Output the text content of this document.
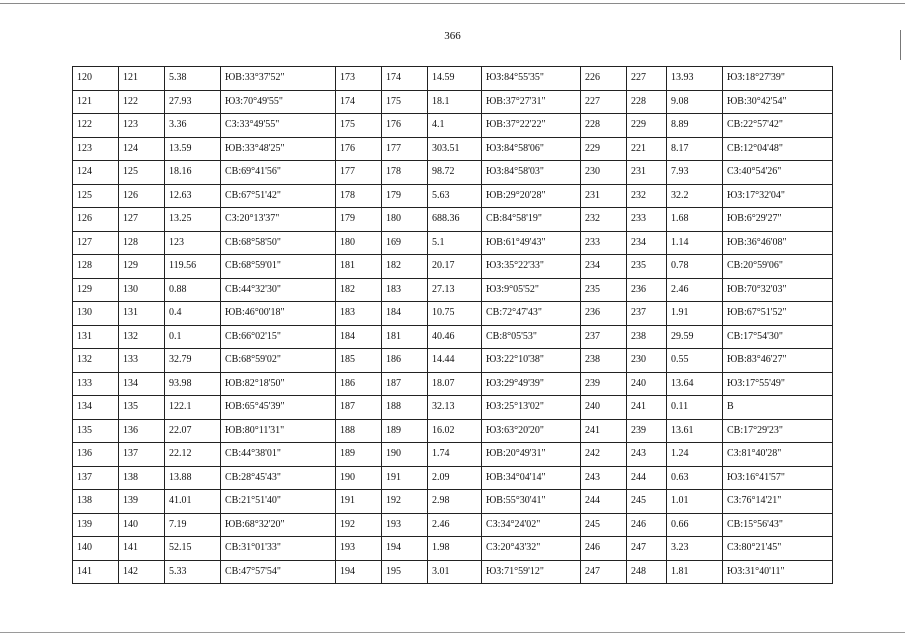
366
120	121	5.38	ЮВ:33°37'52"	173	174	14.59	ЮЗ:84°55'35"	226	227	13.93	ЮЗ:18°27'39"
121	122	27.93	ЮЗ:70°49'55"	174	175	18.1	ЮВ:37°27'31"	227	228	9.08	ЮВ:30°42'54"
122	123	3.36	СЗ:33°49'55"	175	176	4.1	ЮВ:37°22'22"	228	229	8.89	СВ:22°57'42"
123	124	13.59	ЮВ:33°48'25"	176	177	303.51	ЮЗ:84°58'06"	229	221	8.17	СВ:12°04'48"
124	125	18.16	СВ:69°41'56"	177	178	98.72	ЮЗ:84°58'03"	230	231	7.93	СЗ:40°54'26"
125	126	12.63	СВ:67°51'42"	178	179	5.63	ЮВ:29°20'28"	231	232	32.2	ЮЗ:17°32'04"
126	127	13.25	СЗ:20°13'37"	179	180	688.36	СВ:84°58'19"	232	233	1.68	ЮВ:6°29'27"
127	128	123	СВ:68°58'50"	180	169	5.1	ЮВ:61°49'43"	233	234	1.14	ЮВ:36°46'08"
128	129	119.56	СВ:68°59'01"	181	182	20.17	ЮЗ:35°22'33"	234	235	0.78	СВ:20°59'06"
129	130	0.88	СВ:44°32'30"	182	183	27.13	ЮЗ:9°05'52"	235	236	2.46	ЮВ:70°32'03"
130	131	0.4	ЮВ:46°00'18"	183	184	10.75	СВ:72°47'43"	236	237	1.91	ЮВ:67°51'52"
131	132	0.1	СВ:66°02'15"	184	181	40.46	СВ:8°05'53"	237	238	29.59	СВ:17°54'30"
132	133	32.79	СВ:68°59'02"	185	186	14.44	ЮЗ:22°10'38"	238	230	0.55	ЮВ:83°46'27"
133	134	93.98	ЮВ:82°18'50"	186	187	18.07	ЮЗ:29°49'39"	239	240	13.64	ЮЗ:17°55'49"
134	135	122.1	ЮВ:65°45'39"	187	188	32.13	ЮЗ:25°13'02"	240	241	0.11	В
135	136	22.07	ЮВ:80°11'31"	188	189	16.02	ЮЗ:63°20'20"	241	239	13.61	СВ:17°29'23"
136	137	22.12	СВ:44°38'01"	189	190	1.74	ЮВ:20°49'31"	242	243	1.24	СЗ:81°40'28"
137	138	13.88	СВ:28°45'43"	190	191	2.09	ЮВ:34°04'14"	243	244	0.63	ЮЗ:16°41'57"
138	139	41.01	СВ:21°51'40"	191	192	2.98	ЮВ:55°30'41"	244	245	1.01	СЗ:76°14'21"
139	140	7.19	ЮВ:68°32'20"	192	193	2.46	СЗ:34°24'02"	245	246	0.66	СВ:15°56'43"
140	141	52.15	СВ:31°01'33"	193	194	1.98	СЗ:20°43'32"	246	247	3.23	СЗ:80°21'45"
141	142	5.33	СВ:47°57'54"	194	195	3.01	ЮЗ:71°59'12"	247	248	1.81	ЮЗ:31°40'11"
